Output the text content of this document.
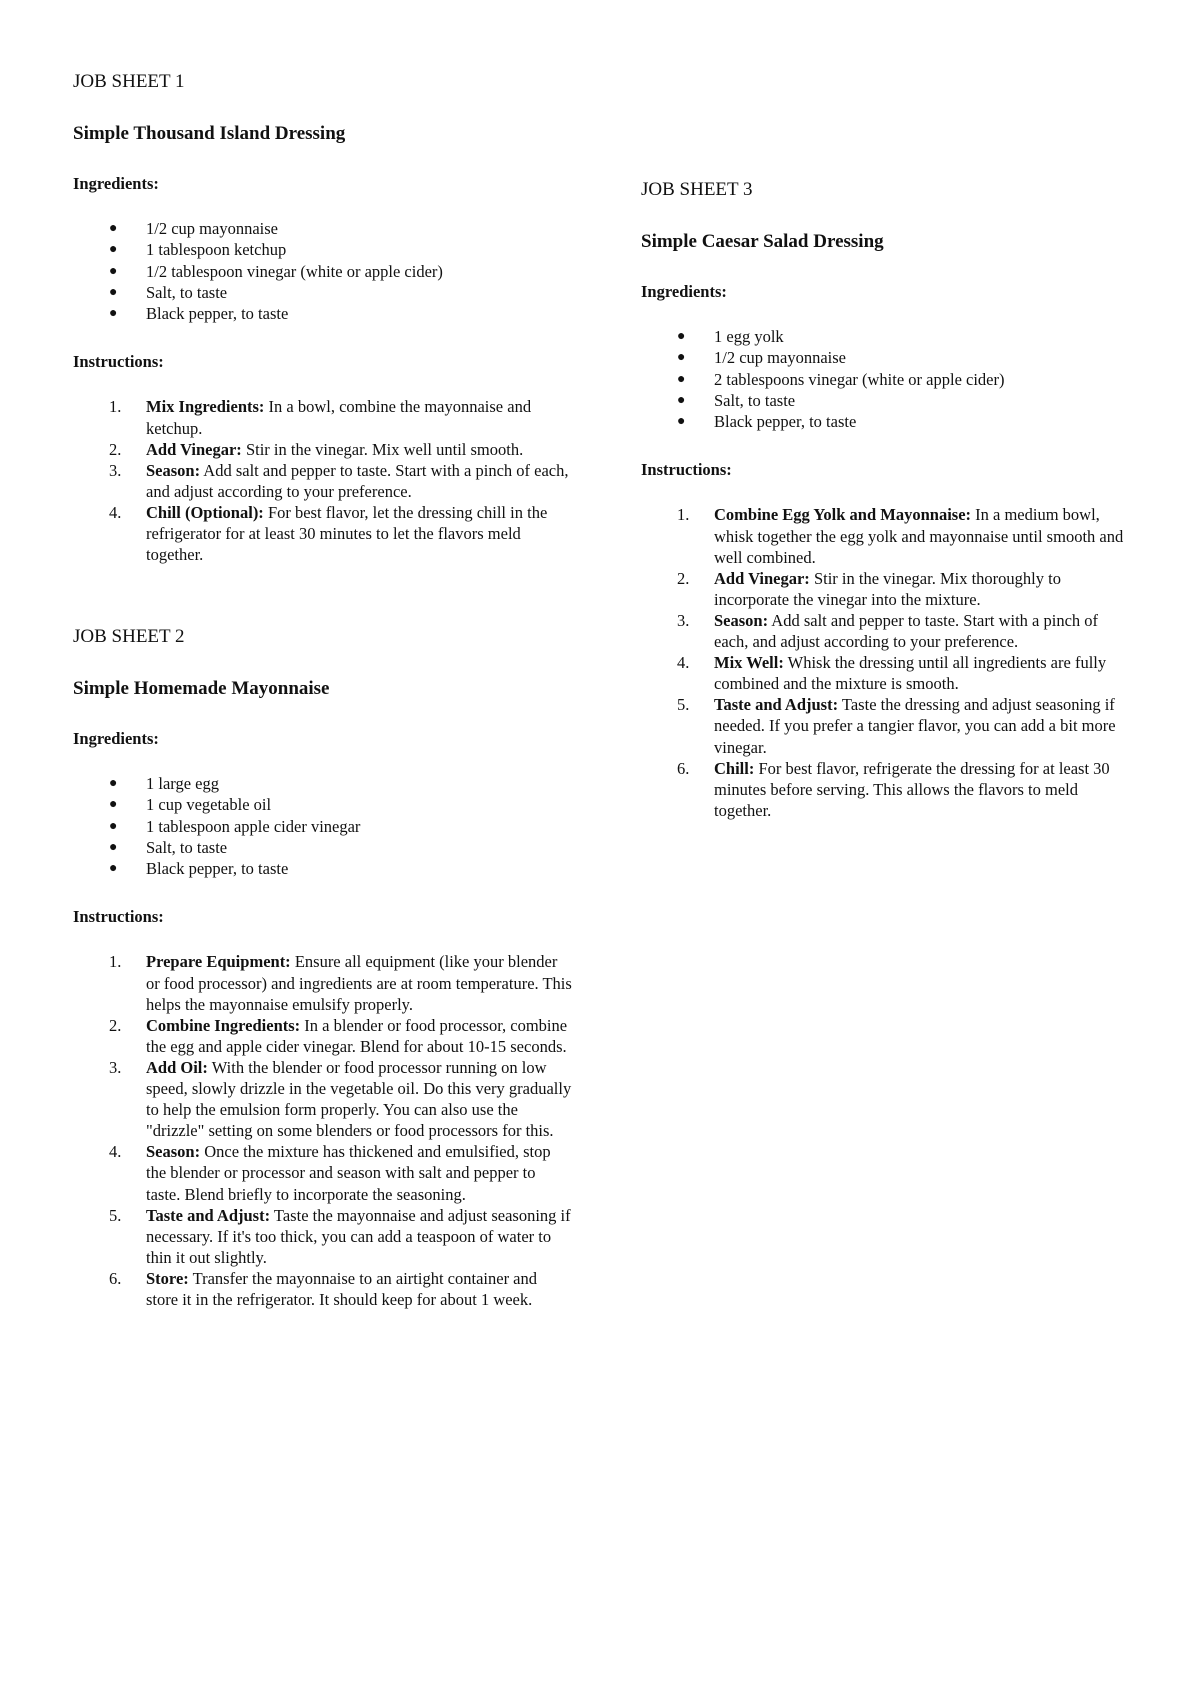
JOB SHEET 1
Simple Thousand Island Dressing
Ingredients:
● 1/2 cup mayonnaise
● 1 tablespoon ketchup
● 1/2 tablespoon vinegar (white or apple cider)
● Salt, to taste
● Black pepper, to taste
Instructions:
1. Mix Ingredients: In a bowl, combine the mayonnaise and ketchup.
2. Add Vinegar: Stir in the vinegar. Mix well until smooth.
3. Season: Add salt and pepper to taste. Start with a pinch of each, and adjust according to your preference.
4. Chill (Optional): For best flavor, let the dressing chill in the refrigerator for at least 30 minutes to let the flavors meld together.
JOB SHEET 2
Simple Homemade Mayonnaise
Ingredients:
● 1 large egg
● 1 cup vegetable oil
● 1 tablespoon apple cider vinegar
● Salt, to taste
● Black pepper, to taste
Instructions:
1. Prepare Equipment: Ensure all equipment (like your blender or food processor) and ingredients are at room temperature. This helps the mayonnaise emulsify properly.
2. Combine Ingredients: In a blender or food processor, combine the egg and apple cider vinegar. Blend for about 10-15 seconds.
3. Add Oil: With the blender or food processor running on low speed, slowly drizzle in the vegetable oil. Do this very gradually to help the emulsion form properly. You can also use the "drizzle" setting on some blenders or food processors for this.
4. Season: Once the mixture has thickened and emulsified, stop the blender or processor and season with salt and pepper to taste. Blend briefly to incorporate the seasoning.
5. Taste and Adjust: Taste the mayonnaise and adjust seasoning if necessary. If it's too thick, you can add a teaspoon of water to thin it out slightly.
6. Store: Transfer the mayonnaise to an airtight container and store it in the refrigerator. It should keep for about 1 week.
JOB SHEET 3
Simple Caesar Salad Dressing
Ingredients:
● 1 egg yolk
● 1/2 cup mayonnaise
● 2 tablespoons vinegar (white or apple cider)
● Salt, to taste
● Black pepper, to taste
Instructions:
1. Combine Egg Yolk and Mayonnaise: In a medium bowl, whisk together the egg yolk and mayonnaise until smooth and well combined.
2. Add Vinegar: Stir in the vinegar. Mix thoroughly to incorporate the vinegar into the mixture.
3. Season: Add salt and pepper to taste. Start with a pinch of each, and adjust according to your preference.
4. Mix Well: Whisk the dressing until all ingredients are fully combined and the mixture is smooth.
5. Taste and Adjust: Taste the dressing and adjust seasoning if needed. If you prefer a tangier flavor, you can add a bit more vinegar.
6. Chill: For best flavor, refrigerate the dressing for at least 30 minutes before serving. This allows the flavors to meld together.
